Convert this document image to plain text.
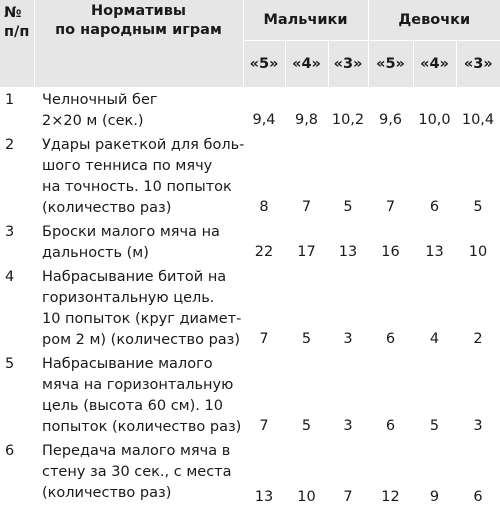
№
п/п	Нормативы
по народным играм	Мальчики			Девочки		
		«5»	«4»	«3»	«5»	«4»	«3»
1	Челночный бег
2×20 м (сек.)	9,4	9,8	10,2	9,6	10,0	10,4
2	Удары ракеткой для боль-
шого тенниса по мячу
на точность. 10 попыток
(количество раз)	8	7	5	7	6	5
3	Броски малого мяча на
дальность (м)	22	17	13	16	13	10
4	Набрасывание битой на
горизонтальную цель.
10 попыток (круг диамет-
ром 2 м) (количество раз)	7	5	3	6	4	2
5	Набрасывание малого
мяча на горизонтальную
цель (высота 60 см). 10
попыток (количество раз)	7	5	3	6	5	3
6	Передача малого мяча в
стену за 30 сек., с места
(количество раз)	13	10	7	12	9	6
